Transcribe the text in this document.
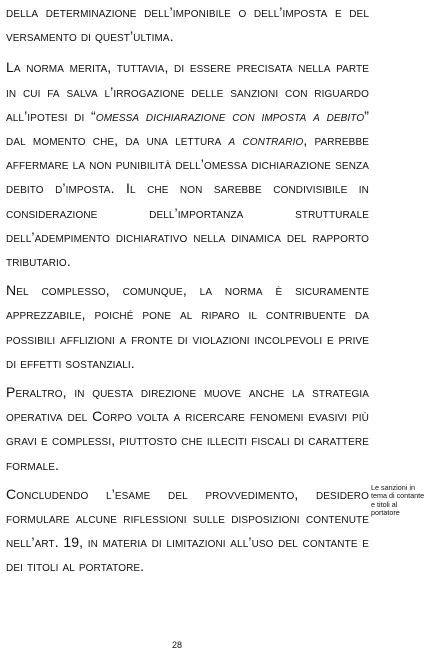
della determinazione dell’imponibile o dell’imposta e del versamento di quest’ultima.

La norma merita, tuttavia, di essere precisata nella parte in cui fa salva l’irrogazione delle sanzioni con riguardo all’ipotesi di “omessa dichiarazione con imposta a debito” dal momento che, da una lettura a contrario, parrebbe affermare la non punibilità dell’omessa dichiarazione senza debito d’imposta. Il che non sarebbe condivisibile in considerazione dell’importanza strutturale dell’adempimento dichiarativo nella dinamica del rapporto tributario.

Nel complesso, comunque, la norma è sicuramente apprezzabile, poiché pone al riparo il contribuente da possibili afflizioni a fronte di violazioni incolpevoli e prive di effetti sostanziali.

Peraltro, in questa direzione muove anche la strategia operativa del Corpo volta a ricercare fenomeni evasivi più gravi e complessi, piuttosto che illeciti fiscali di carattere formale.

Concludendo l’esame del provvedimento, desidero formulare alcune riflessioni sulle disposizioni contenute nell’art. 19, in materia di limitazioni all’uso del contante e dei titoli al portatore.

Le sanzioni in tema di contante e titoli al portatore
28
